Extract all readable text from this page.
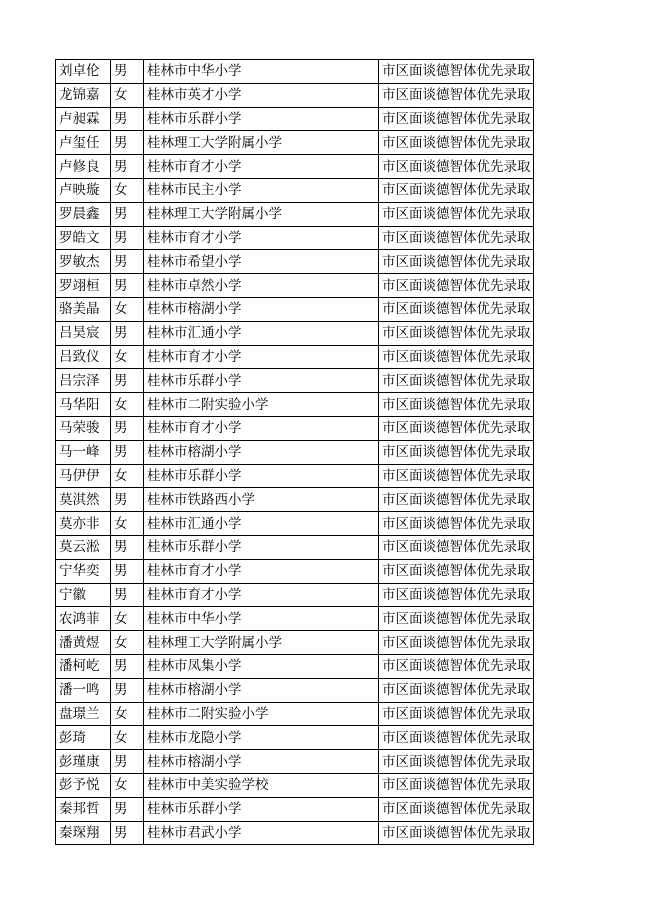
刘卓伦	男	桂林市中华小学	市区面谈德智体优先录取
龙锦嘉	女	桂林市英才小学	市区面谈德智体优先录取
卢昶霖	男	桂林市乐群小学	市区面谈德智体优先录取
卢玺任	男	桂林理工大学附属小学	市区面谈德智体优先录取
卢修良	男	桂林市育才小学	市区面谈德智体优先录取
卢映璇	女	桂林市民主小学	市区面谈德智体优先录取
罗晨鑫	男	桂林理工大学附属小学	市区面谈德智体优先录取
罗皓文	男	桂林市育才小学	市区面谈德智体优先录取
罗敏杰	男	桂林市希望小学	市区面谈德智体优先录取
罗翊桓	男	桂林市卓然小学	市区面谈德智体优先录取
骆美晶	女	桂林市榕湖小学	市区面谈德智体优先录取
吕昊宸	男	桂林市汇通小学	市区面谈德智体优先录取
吕致仪	女	桂林市育才小学	市区面谈德智体优先录取
吕宗泽	男	桂林市乐群小学	市区面谈德智体优先录取
马华阳	女	桂林市二附实验小学	市区面谈德智体优先录取
马荣骏	男	桂林市育才小学	市区面谈德智体优先录取
马一峰	男	桂林市榕湖小学	市区面谈德智体优先录取
马伊伊	女	桂林市乐群小学	市区面谈德智体优先录取
莫淇然	男	桂林市铁路西小学	市区面谈德智体优先录取
莫亦非	女	桂林市汇通小学	市区面谈德智体优先录取
莫云淞	男	桂林市乐群小学	市区面谈德智体优先录取
宁华奕	男	桂林市育才小学	市区面谈德智体优先录取
宁徽	男	桂林市育才小学	市区面谈德智体优先录取
农鸿菲	女	桂林市中华小学	市区面谈德智体优先录取
潘黄煜	女	桂林理工大学附属小学	市区面谈德智体优先录取
潘柯屹	男	桂林市凤集小学	市区面谈德智体优先录取
潘一鸣	男	桂林市榕湖小学	市区面谈德智体优先录取
盘璟兰	女	桂林市二附实验小学	市区面谈德智体优先录取
彭琦	女	桂林市龙隐小学	市区面谈德智体优先录取
彭瑾康	男	桂林市榕湖小学	市区面谈德智体优先录取
彭予悦	女	桂林市中美实验学校	市区面谈德智体优先录取
秦邦哲	男	桂林市乐群小学	市区面谈德智体优先录取
秦琛翔	男	桂林市君武小学	市区面谈德智体优先录取
